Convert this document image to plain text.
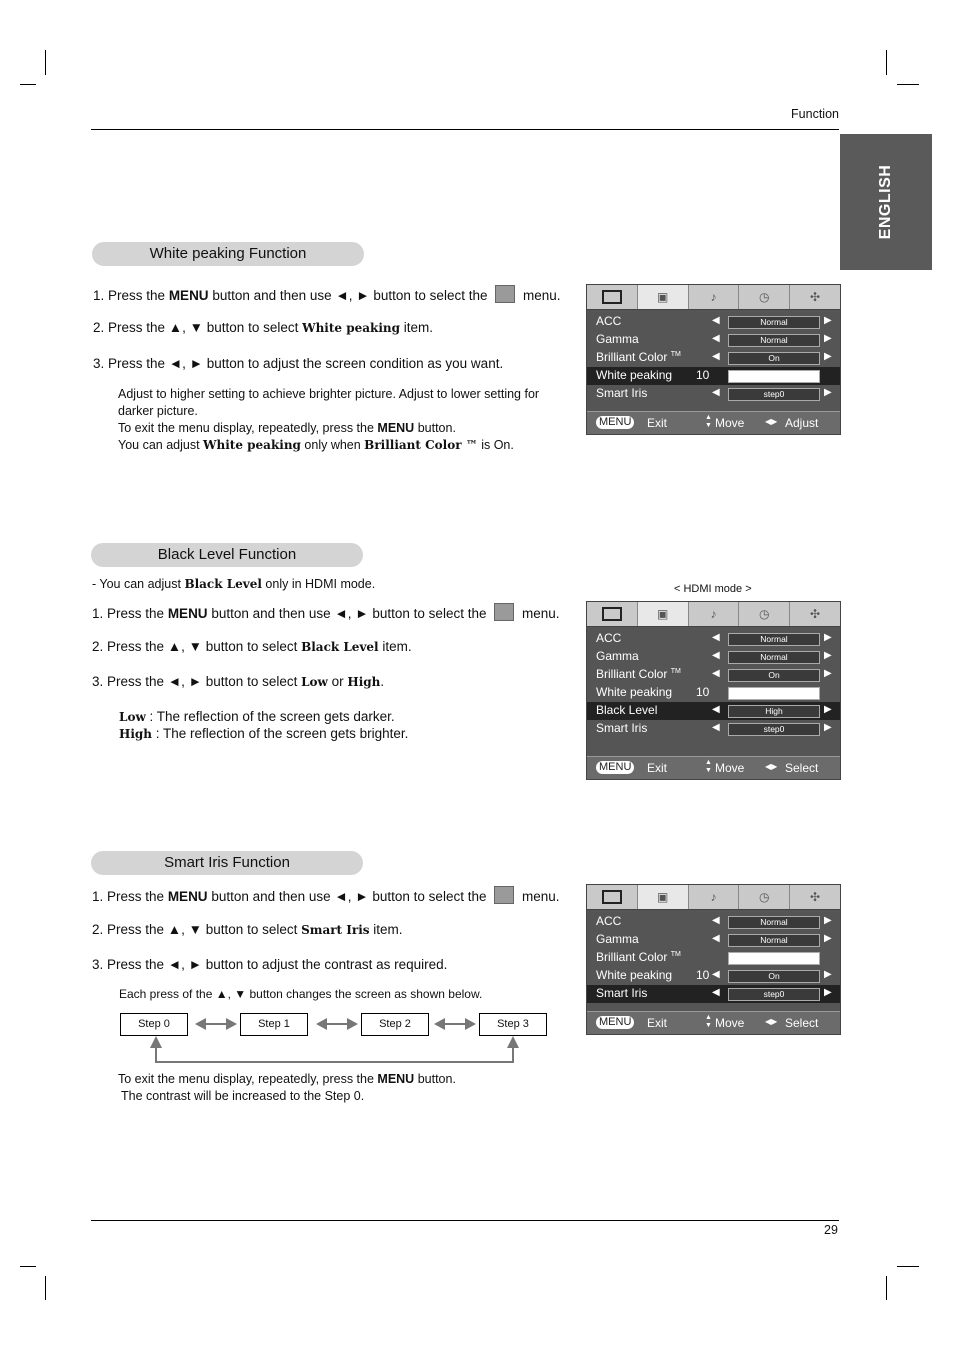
Function
ENGLISH
White peaking Function
1. Press the MENU button and then use ◄, ► button to select the  menu.
2. Press the ▲, ▼ button to select White peaking item.
3. Press the ◄, ► button to adjust the screen condition as you want.
Adjust to higher setting to achieve brighter picture. Adjust to lower setting for darker picture.
To exit the menu display, repeatedly, press the MENU button.
You can adjust White peaking only when Brilliant Color ™ is On.
▣	♪	◷	✣
ACC	◀	Normal	▶
Gamma	◀	Normal	▶
Brilliant Color ™	◀	On	▶
White peaking 10
Smart Iris	◀	step0	▶
MENU Exit	▲
▼ Move	◀▶ Adjust
Black Level Function
- You can adjust Black Level only in HDMI mode.	< HDMI mode >
1. Press the MENU button and then use ◄, ► button to select the  menu.
2. Press the ▲, ▼ button to select Black Level item.
3. Press the ◄, ► button to select Low or High.
Low : The reflection of the screen gets darker.
High : The reflection of the screen gets brighter.
▣	♪	◷	✣
ACC	◀	Normal	▶
Gamma	◀	Normal	▶
Brilliant Color ™	◀	On	▶
White peaking 10
Black Level	◀	High	▶
Smart Iris	◀	step0	▶
MENU Exit	▲
▼ Move	◀▶ Select
Smart Iris Function
1. Press the MENU button and then use ◄, ► button to select the  menu.
2. Press the ▲, ▼ button to select Smart Iris item.
3. Press the ◄, ► button to adjust the contrast as required.
Each press of the ▲, ▼ button changes the screen as shown below.
Step 0	Step 1	Step 2	Step 3
To exit the menu display, repeatedly, press the MENU button.
The contrast will be increased to the Step 0.
▣	♪	◷	✣
ACC	◀	Normal	▶
Gamma	◀	Normal	▶
Brilliant Color ™
White peaking 10 ◀	On	▶
Smart Iris	◀	step0	▶
MENU Exit	▲
▼ Move	◀▶ Select
29
